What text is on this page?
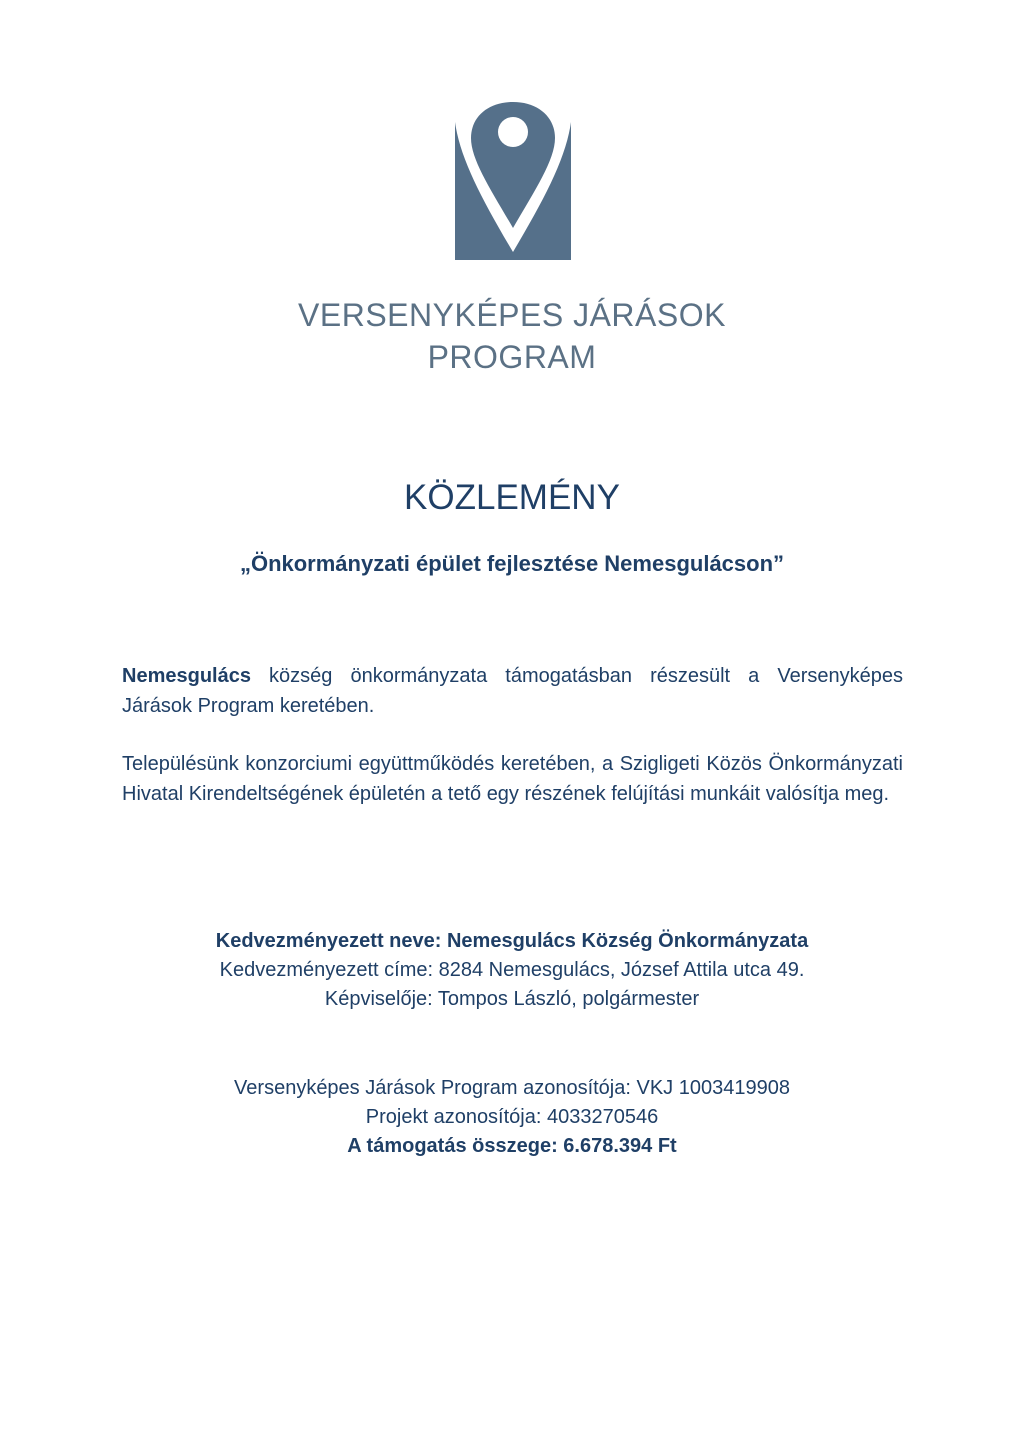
VERSENYKÉPES JÁRÁSOK
PROGRAM
KÖZLEMÉNY
„Önkormányzati épület fejlesztése Nemesgulácson”
Nemesgulács község önkormányzata támogatásban részesült a Versenyképes Járások Program keretében.
Településünk konzorciumi együttműködés keretében, a Szigligeti Közös Önkormányzati Hivatal Kirendeltségének épületén a tető egy részének felújítási munkáit valósítja meg.
Kedvezményezett neve: Nemesgulács Község Önkormányzata
Kedvezményezett címe: 8284 Nemesgulács, József Attila utca 49.
Képviselője: Tompos László, polgármester
Versenyképes Járások Program azonosítója: VKJ 1003419908
Projekt azonosítója: 4033270546
A támogatás összege: 6.678.394 Ft
